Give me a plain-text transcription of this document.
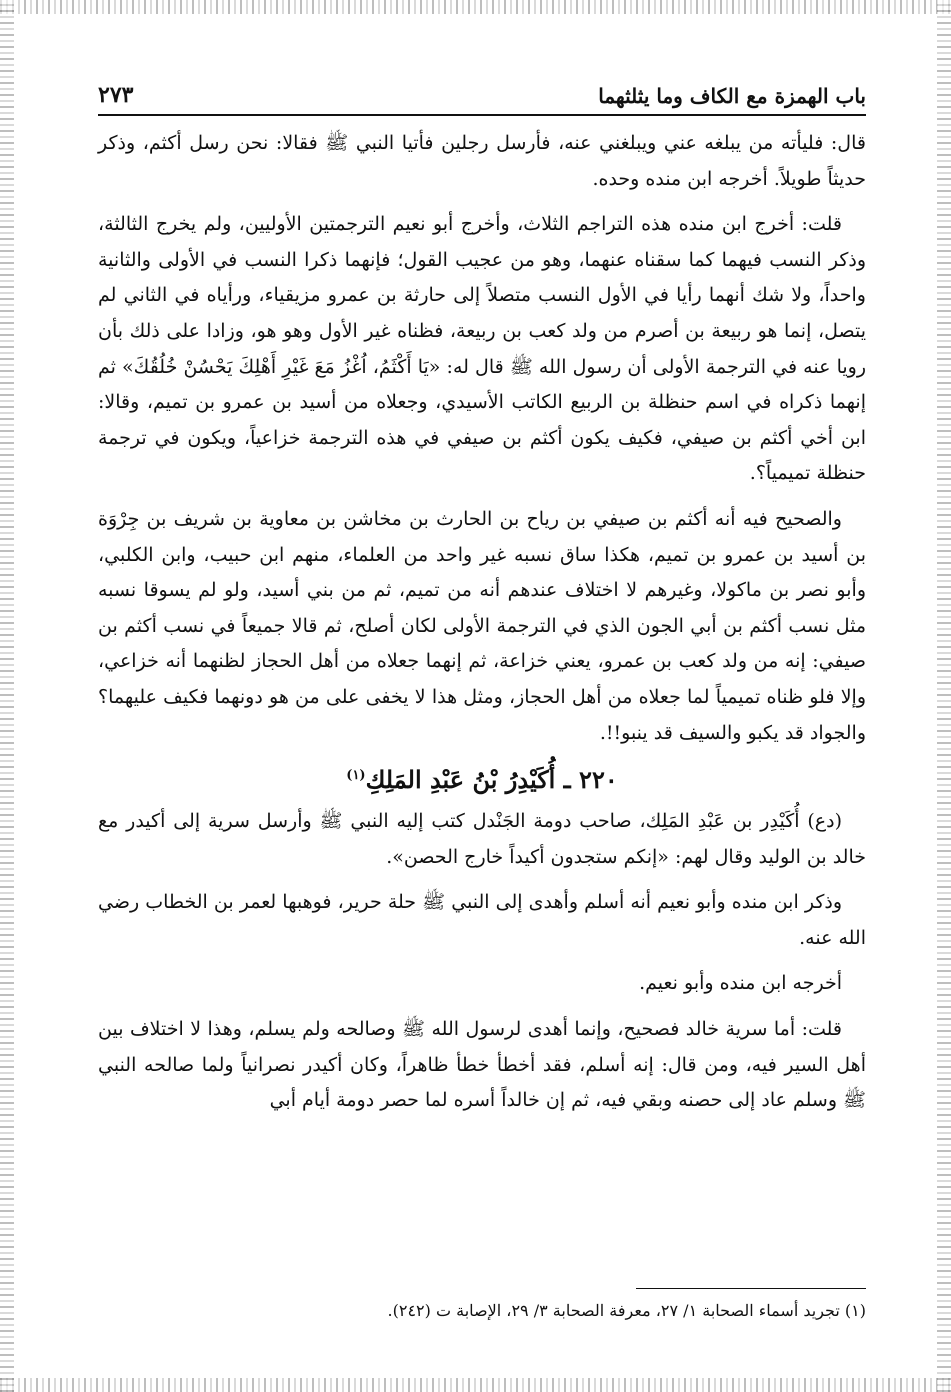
باب الهمزة مع الكاف وما يثلثهما
٢٧٣

قال: فليأته من يبلغه عني ويبلغني عنه، فأرسل رجلين فأتيا النبي ﷺ فقالا: نحن رسل أكثم، وذكر حديثاً طويلاً. أخرجه ابن منده وحده.

قلت: أخرج ابن منده هذه التراجم الثلاث، وأخرج أبو نعيم الترجمتين الأوليين، ولم يخرج الثالثة، وذكر النسب فيهما كما سقناه عنهما، وهو من عجيب القول؛ فإنهما ذكرا النسب في الأولى والثانية واحداً، ولا شك أنهما رأيا في الأول النسب متصلاً إلى حارثة بن عمرو مزيقياء، ورأياه في الثاني لم يتصل، إنما هو ربيعة بن أصرم من ولد كعب بن ربيعة، فظناه غير الأول وهو هو، وزادا على ذلك بأن رويا عنه في الترجمة الأولى أن رسول الله ﷺ قال له: «يَا أَكْثَمُ، اُغْزُ مَعَ غَيْرِ أَهْلِكَ يَحْسُنْ خُلُقُكَ» ثم إنهما ذكراه في اسم حنظلة بن الربيع الكاتب الأسيدي، وجعلاه من أسيد بن عمرو بن تميم، وقالا: ابن أخي أكثم بن صيفي، فكيف يكون أكثم بن صيفي في هذه الترجمة خزاعياً، ويكون في ترجمة حنظلة تميمياً؟.

والصحيح فيه أنه أكثم بن صيفي بن رياح بن الحارث بن مخاشن بن معاوية بن شريف بن جِرْوَة بن أسيد بن عمرو بن تميم، هكذا ساق نسبه غير واحد من العلماء، منهم ابن حبيب، وابن الكلبي، وأبو نصر بن ماكولا، وغيرهم لا اختلاف عندهم أنه من تميم، ثم من بني أسيد، ولو لم يسوقا نسبه مثل نسب أكثم بن أبي الجون الذي في الترجمة الأولى لكان أصلح، ثم قالا جميعاً في نسب أكثم بن صيفي: إنه من ولد كعب بن عمرو، يعني خزاعة، ثم إنهما جعلاه من أهل الحجاز لظنهما أنه خزاعي، وإلا فلو ظناه تميمياً لما جعلاه من أهل الحجاز، ومثل هذا لا يخفى على من هو دونهما فكيف عليهما؟ والجواد قد يكبو والسيف قد ينبو!!.

٢٢٠ ـ أُكَيْدِرُ بْنُ عَبْدِ المَلِكِ$^{(١)}$

(دع) أُكَيْدِر بن عَبْدِ المَلِك، صاحب دومة الجَنْدل كتب إليه النبي ﷺ وأرسل سرية إلى أكيدر مع خالد بن الوليد وقال لهم: «إنكم ستجدون أكيداً خارج الحصن».

وذكر ابن منده وأبو نعيم أنه أسلم وأهدى إلى النبي ﷺ حلة حرير، فوهبها لعمر بن الخطاب رضي الله عنه.

أخرجه ابن منده وأبو نعيم.

قلت: أما سرية خالد فصحيح، وإنما أهدى لرسول الله ﷺ وصالحه ولم يسلم، وهذا لا اختلاف بين أهل السير فيه، ومن قال: إنه أسلم، فقد أخطأ خطأ ظاهراً، وكان أكيدر نصرانياً ولما صالحه النبي ﷺ وسلم عاد إلى حصنه وبقي فيه، ثم إن خالداً أسره لما حصر دومة أيام أبي

(١) تجريد أسماء الصحابة ١/ ٢٧، معرفة الصحابة ٣/ ٢٩، الإصابة ت (٢٤٢).
